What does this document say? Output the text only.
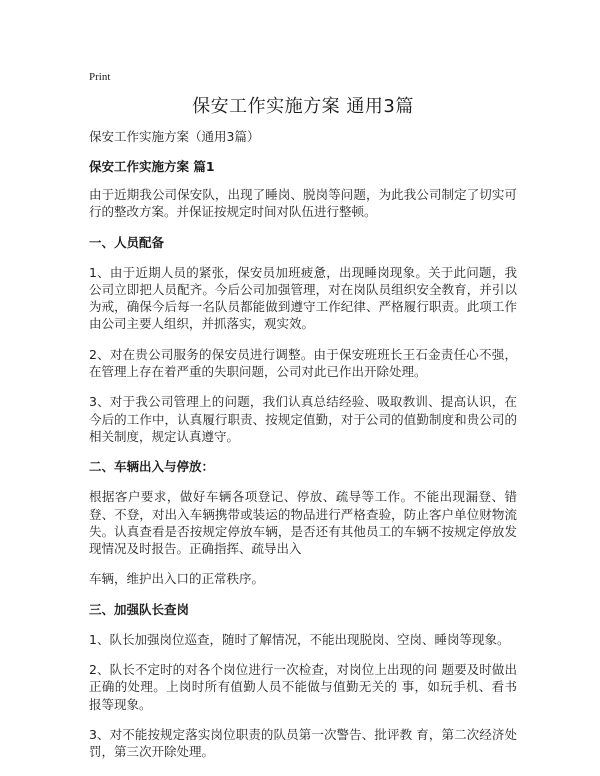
Print
保安工作实施方案 通用3篇

保安工作实施方案（通用3篇）

保安工作实施方案 篇1

由于近期我公司保安队，出现了睡岗、脱岗等问题，为此我公司制定了切实可行的整改方案。并保证按规定时间对队伍进行整顿。

一、人员配备

1、由于近期人员的紧张，保安员加班疲惫，出现睡岗现象。关于此问题，我公司立即把人员配齐。今后公司加强管理，对在岗队员组织安全教育，并引以为戒，确保今后每一名队员都能做到遵守工作纪律、严格履行职责。此项工作由公司主要人组织，并抓落实，观实效。

2、对在贵公司服务的保安员进行调整。由于保安班班长王石金责任心不强，在管理上存在着严重的失职问题，公司对此已作出开除处理。

3、对于我公司管理上的问题，我们认真总结经验、吸取教训、提高认识，在今后的工作中，认真履行职责、按规定值勤，对于公司的值勤制度和贵公司的相关制度，规定认真遵守。

二、车辆出入与停放：

根据客户要求，做好车辆各项登记、停放、疏导等工作。不能出现漏登、错登、不登，对出入车辆携带或装运的物品进行严格查验，防止客户单位财物流失。认真查看是否按规定停放车辆，是否还有其他员工的车辆不按规定停放发现情况及时报告。正确指挥、疏导出入

车辆，维护出入口的正常秩序。

三、加强队长查岗

1、队长加强岗位巡查，随时了解情况，不能出现脱岗、空岗、睡岗等现象。

2、队长不定时的对各个岗位进行一次检查，对岗位上出现的问 题要及时做出正确的处理。上岗时所有值勤人员不能做与值勤无关的 事，如玩手机、看书报等现象。

3、对不能按规定落实岗位职责的队员第一次警告、批评教 育，第二次经济处罚，第三次开除处理。
